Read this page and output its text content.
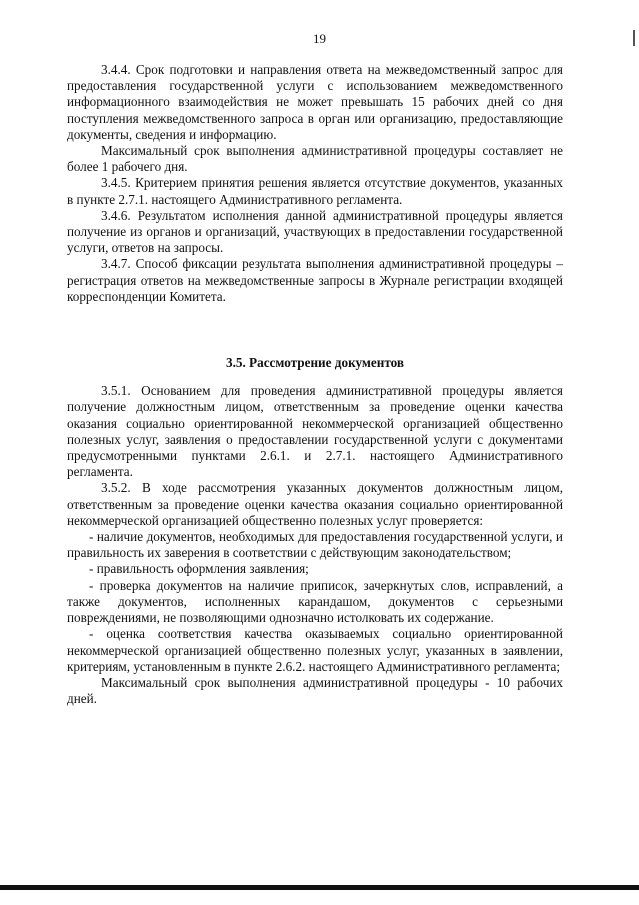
19

3.4.4. Срок подготовки и направления ответа на межведомственный запрос для предоставления государственной услуги с использованием межведомственного информационного взаимодействия не может превышать 15 рабочих дней со дня поступления межведомственного запроса в орган или организацию, предоставляющие документы, сведения и информацию.

Максимальный срок выполнения административной процедуры составляет не более 1 рабочего дня.

3.4.5. Критерием принятия решения является отсутствие документов, указанных в пункте 2.7.1. настоящего Административного регламента.

3.4.6. Результатом исполнения данной административной процедуры является получение из органов и организаций, участвующих в предоставлении государственной услуги, ответов на запросы.

3.4.7. Способ фиксации результата выполнения административной процедуры – регистрация ответов на межведомственные запросы в Журнале регистрации входящей корреспонденции Комитета.

3.5. Рассмотрение документов

3.5.1. Основанием для проведения административной процедуры является получение должностным лицом, ответственным за проведение оценки качества оказания социально ориентированной некоммерческой организацией общественно полезных услуг, заявления о предоставлении государственной услуги с документами предусмотренными пунктами 2.6.1. и 2.7.1. настоящего Административного регламента.

3.5.2. В ходе рассмотрения указанных документов должностным лицом, ответственным за проведение оценки качества оказания социально ориентированной некоммерческой организацией общественно полезных услуг проверяется:

- наличие документов, необходимых для предоставления государственной услуги, и правильность их заверения в соответствии с действующим законодательством;

- правильность оформления заявления;

- проверка документов на наличие приписок, зачеркнутых слов, исправлений, а также документов, исполненных карандашом, документов с серьезными повреждениями, не позволяющими однозначно истолковать их содержание.

- оценка соответствия качества оказываемых социально ориентированной некоммерческой организацией общественно полезных услуг, указанных в заявлении, критериям, установленным в пункте 2.6.2. настоящего Административного регламента;

Максимальный срок выполнения административной процедуры - 10 рабочих дней.
